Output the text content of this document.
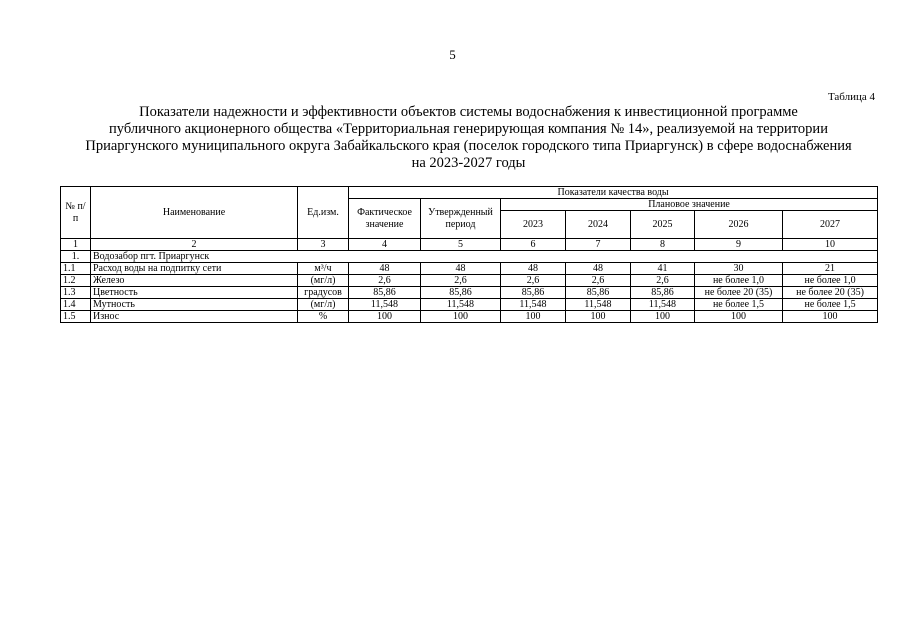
5
Таблица 4
Показатели надежности и эффективности объектов системы водоснабжения к инвестиционной программе
публичного акционерного общества «Территориальная генерирующая компания № 14», реализуемой на территории
Приаргунского муниципального округа Забайкальского края (поселок городского типа Приаргунск) в сфере водоснабжения
на 2023-2027 годы
№ п/п	Наименование	Ед.изм.	Показатели качества воды						
			Фактическое значение	Утвержденный период	Плановое значение				
					2023	2024	2025	2026	2027
1	2	3	4	5	6	7	8	9	10
1.	Водозабор пгт. Приаргунск								
1.1	Расход воды на подпитку сети	м³/ч	48	48	48	48	41	30	21
1.2	Железо	(мг/л)	2,6	2,6	2,6	2,6	2,6	не более 1,0	не более 1,0
1.3	Цветность	градусов	85,86	85,86	85,86	85,86	85,86	не более 20 (35)	не более 20 (35)
1.4	Мутность	(мг/л)	11,548	11,548	11,548	11,548	11,548	не более 1,5	не более 1,5
1.5	Износ	%	100	100	100	100	100	100	100
